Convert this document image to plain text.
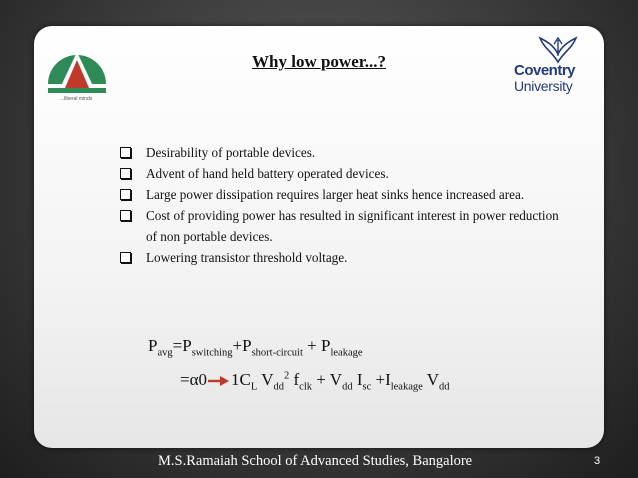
...liberal minds
Coventry
University
Why low power...?
Desirability of portable devices.
Advent of hand held battery operated devices.
Large power dissipation requires larger heat sinks hence increased area.
Cost of providing power has resulted in significant interest in power reduction
of non portable devices.
Lowering transistor threshold voltage.
$P_{avg}=P_{switching}+P_{short-circuit} + P_{leakage}$
=α0 $1C_L$ $V_{dd}^2$ $f_{clk} + V_{dd}$ $I_{sc} +I_{leakage}$ $V_{dd}$
M.S.Ramaiah School of Advanced Studies, Bangalore	3
